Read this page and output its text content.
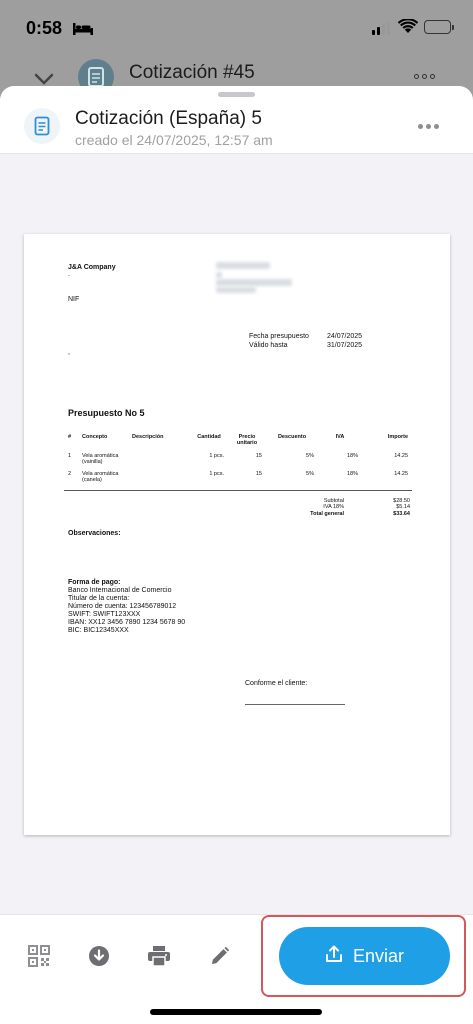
0:58
Cotización #45
Cotización (España) 5
creado el 24/07/2025, 12:57 am
J&A Company
.
NIF
,
Fecha presupuesto	24/07/2025
Válido hasta	31/07/2025
Presupuesto No 5
#	Concepto	Descripción	Cantidad	Precio unitario	Descuento	IVA	Importe
1	Vela aromática (vainilla)		1 pcs.	15	5%	18%	14.25
2	Vela aromática (canela)		1 pcs.	15	5%	18%	14.25
Subtotal	$28.50
IVA 18%	$5.14
Total general	$33.64
Observaciones:
Forma de pago:
Banco Internacional de Comercio
Titular de la cuenta:
Número de cuenta: 123456789012
SWIFT: SWIFT123XXX
IBAN: XX12 3456 7890 1234 5678 90
BIC: BIC12345XXX
Conforme el cliente:
Enviar
